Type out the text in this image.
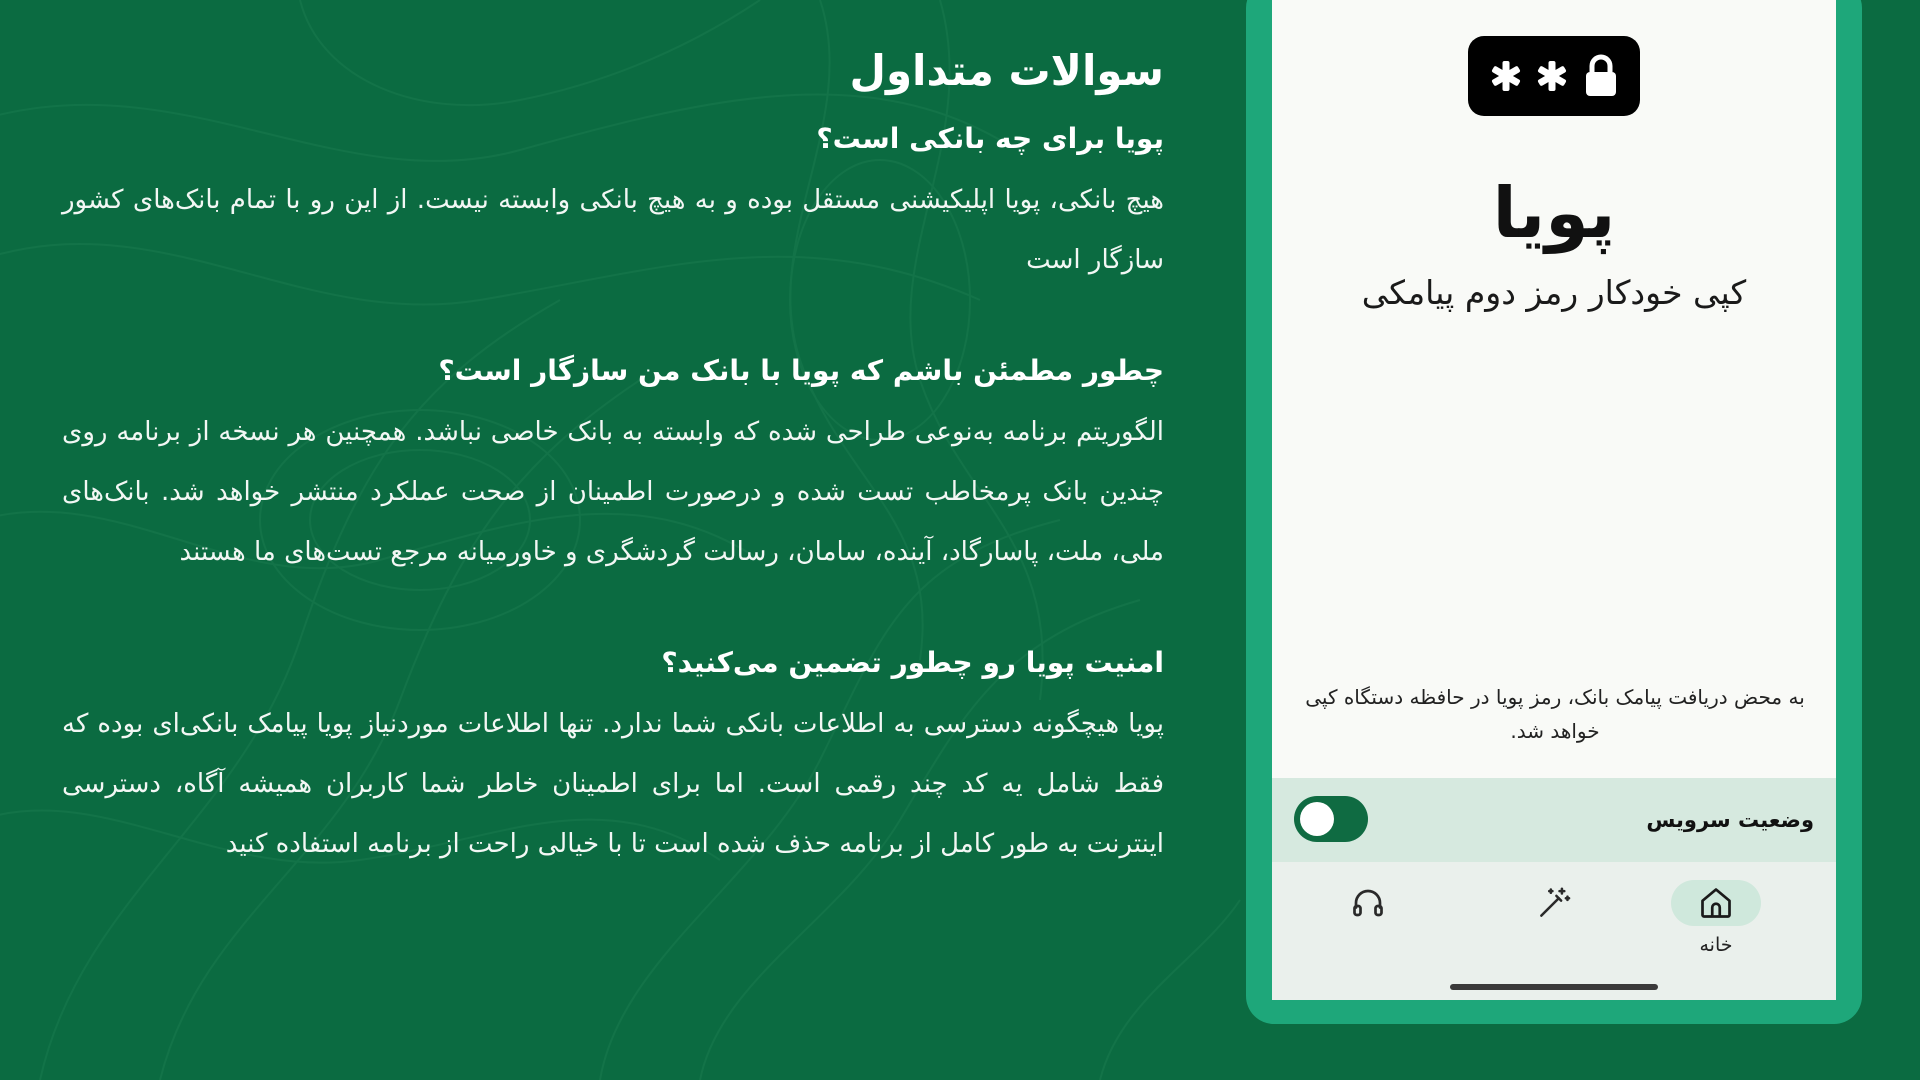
سوالات متداول

پویا برای چه بانکی است؟

هیچ بانکی، پویا اپلیکیشنی مستقل بوده و به هیچ بانکی وابسته نیست. از این رو با تمام بانک‌های کشور سازگار است

چطور مطمئن باشم که پویا با بانک من سازگار است؟

الگوریتم برنامه به‌نوعی طراحی شده که وابسته به بانک خاصی نباشد. همچنین هر نسخه از برنامه روی چندین بانک پرمخاطب تست شده و درصورت اطمینان از صحت عملکرد منتشر خواهد شد. بانک‌های ملی، ملت، پاسارگاد، آینده، سامان، رسالت گردشگری و خاورمیانه مرجع تست‌های ما هستند

امنیت پویا رو چطور تضمین می‌کنید؟

پویا هیچگونه دسترسی به اطلاعات بانکی شما ندارد. تنها اطلاعات موردنیاز پویا پیامک بانکی‌ای بوده که فقط شامل یه کد چند رقمی است. اما برای اطمینان خاطر شما کاربران همیشه آگاه، دسترسی اینترنت به طور کامل از برنامه حذف شده است تا با خیالی راحت از برنامه استفاده کنید

پویا
کپی خودکار رمز دوم پیامکی
به محض دریافت پیامک بانک، رمز پویا در حافظه دستگاه کپی خواهد شد.
وضعیت سرویس
خانه
